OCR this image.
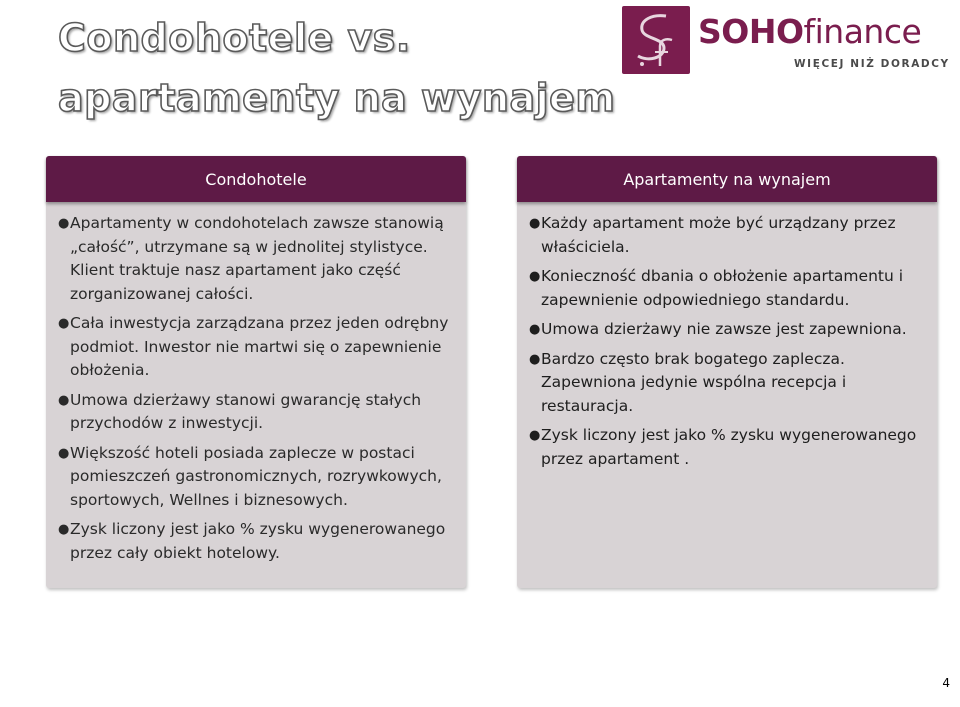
Condohotele vs.
apartamenty na wynajem
SOHOfinance
WIĘCEJ NIŻ DORADCY
Condohotele
● Apartamenty w condohotelach zawsze stanowią „całość”, utrzymane są w jednolitej stylistyce. Klient traktuje nasz apartament jako część zorganizowanej całości.
● Cała inwestycja zarządzana przez jeden odrębny podmiot. Inwestor nie martwi się o zapewnienie obłożenia.
● Umowa dzierżawy stanowi gwarancję stałych przychodów z inwestycji.
● Większość hoteli posiada zaplecze w postaci pomieszczeń gastronomicznych, rozrywkowych, sportowych, Wellnes i biznesowych.
● Zysk liczony jest jako % zysku wygenerowanego przez cały obiekt hotelowy.
Apartamenty na wynajem
● Każdy apartament może być urządzany przez właściciela.
● Konieczność dbania o obłożenie apartamentu i zapewnienie odpowiedniego standardu.
● Umowa dzierżawy nie zawsze jest zapewniona.
● Bardzo często brak bogatego zaplecza. Zapewniona jedynie wspólna recepcja i restauracja.
● Zysk liczony jest jako % zysku wygenerowanego przez apartament .
4
